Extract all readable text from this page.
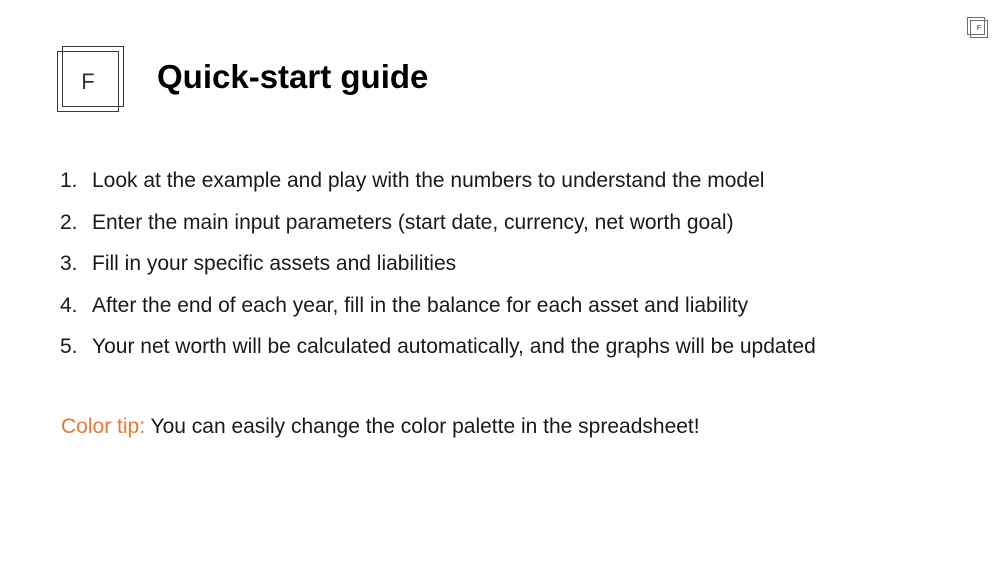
F
F	Quick-start guide
1. Look at the example and play with the numbers to understand the model
2. Enter the main input parameters (start date, currency, net worth goal)
3. Fill in your specific assets and liabilities
4. After the end of each year, fill in the balance for each asset and liability
5. Your net worth will be calculated automatically, and the graphs will be updated
Color tip: You can easily change the color palette in the spreadsheet!
